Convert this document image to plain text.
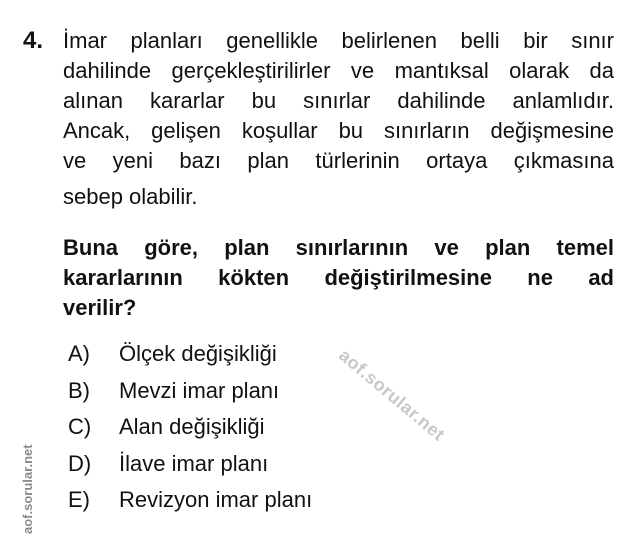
4. İmar planları genellikle belirlenen belli bir sınır
dahilinde gerçekleştirilirler ve mantıksal olarak da
alınan kararlar bu sınırlar dahilinde anlamlıdır.
Ancak, gelişen koşullar bu sınırların değişmesine
ve yeni bazı plan türlerinin ortaya çıkmasına
sebep olabilir.
Buna göre, plan sınırlarının ve plan temel
kararlarının kökten değiştirilmesine ne ad
verilir?
A)	Ölçek değişikliği
B)	Mevzi imar planı
C)	Alan değişikliği
D)	İlave imar planı
E)	Revizyon imar planı
aof.sorular.net
aof.sorular.net
